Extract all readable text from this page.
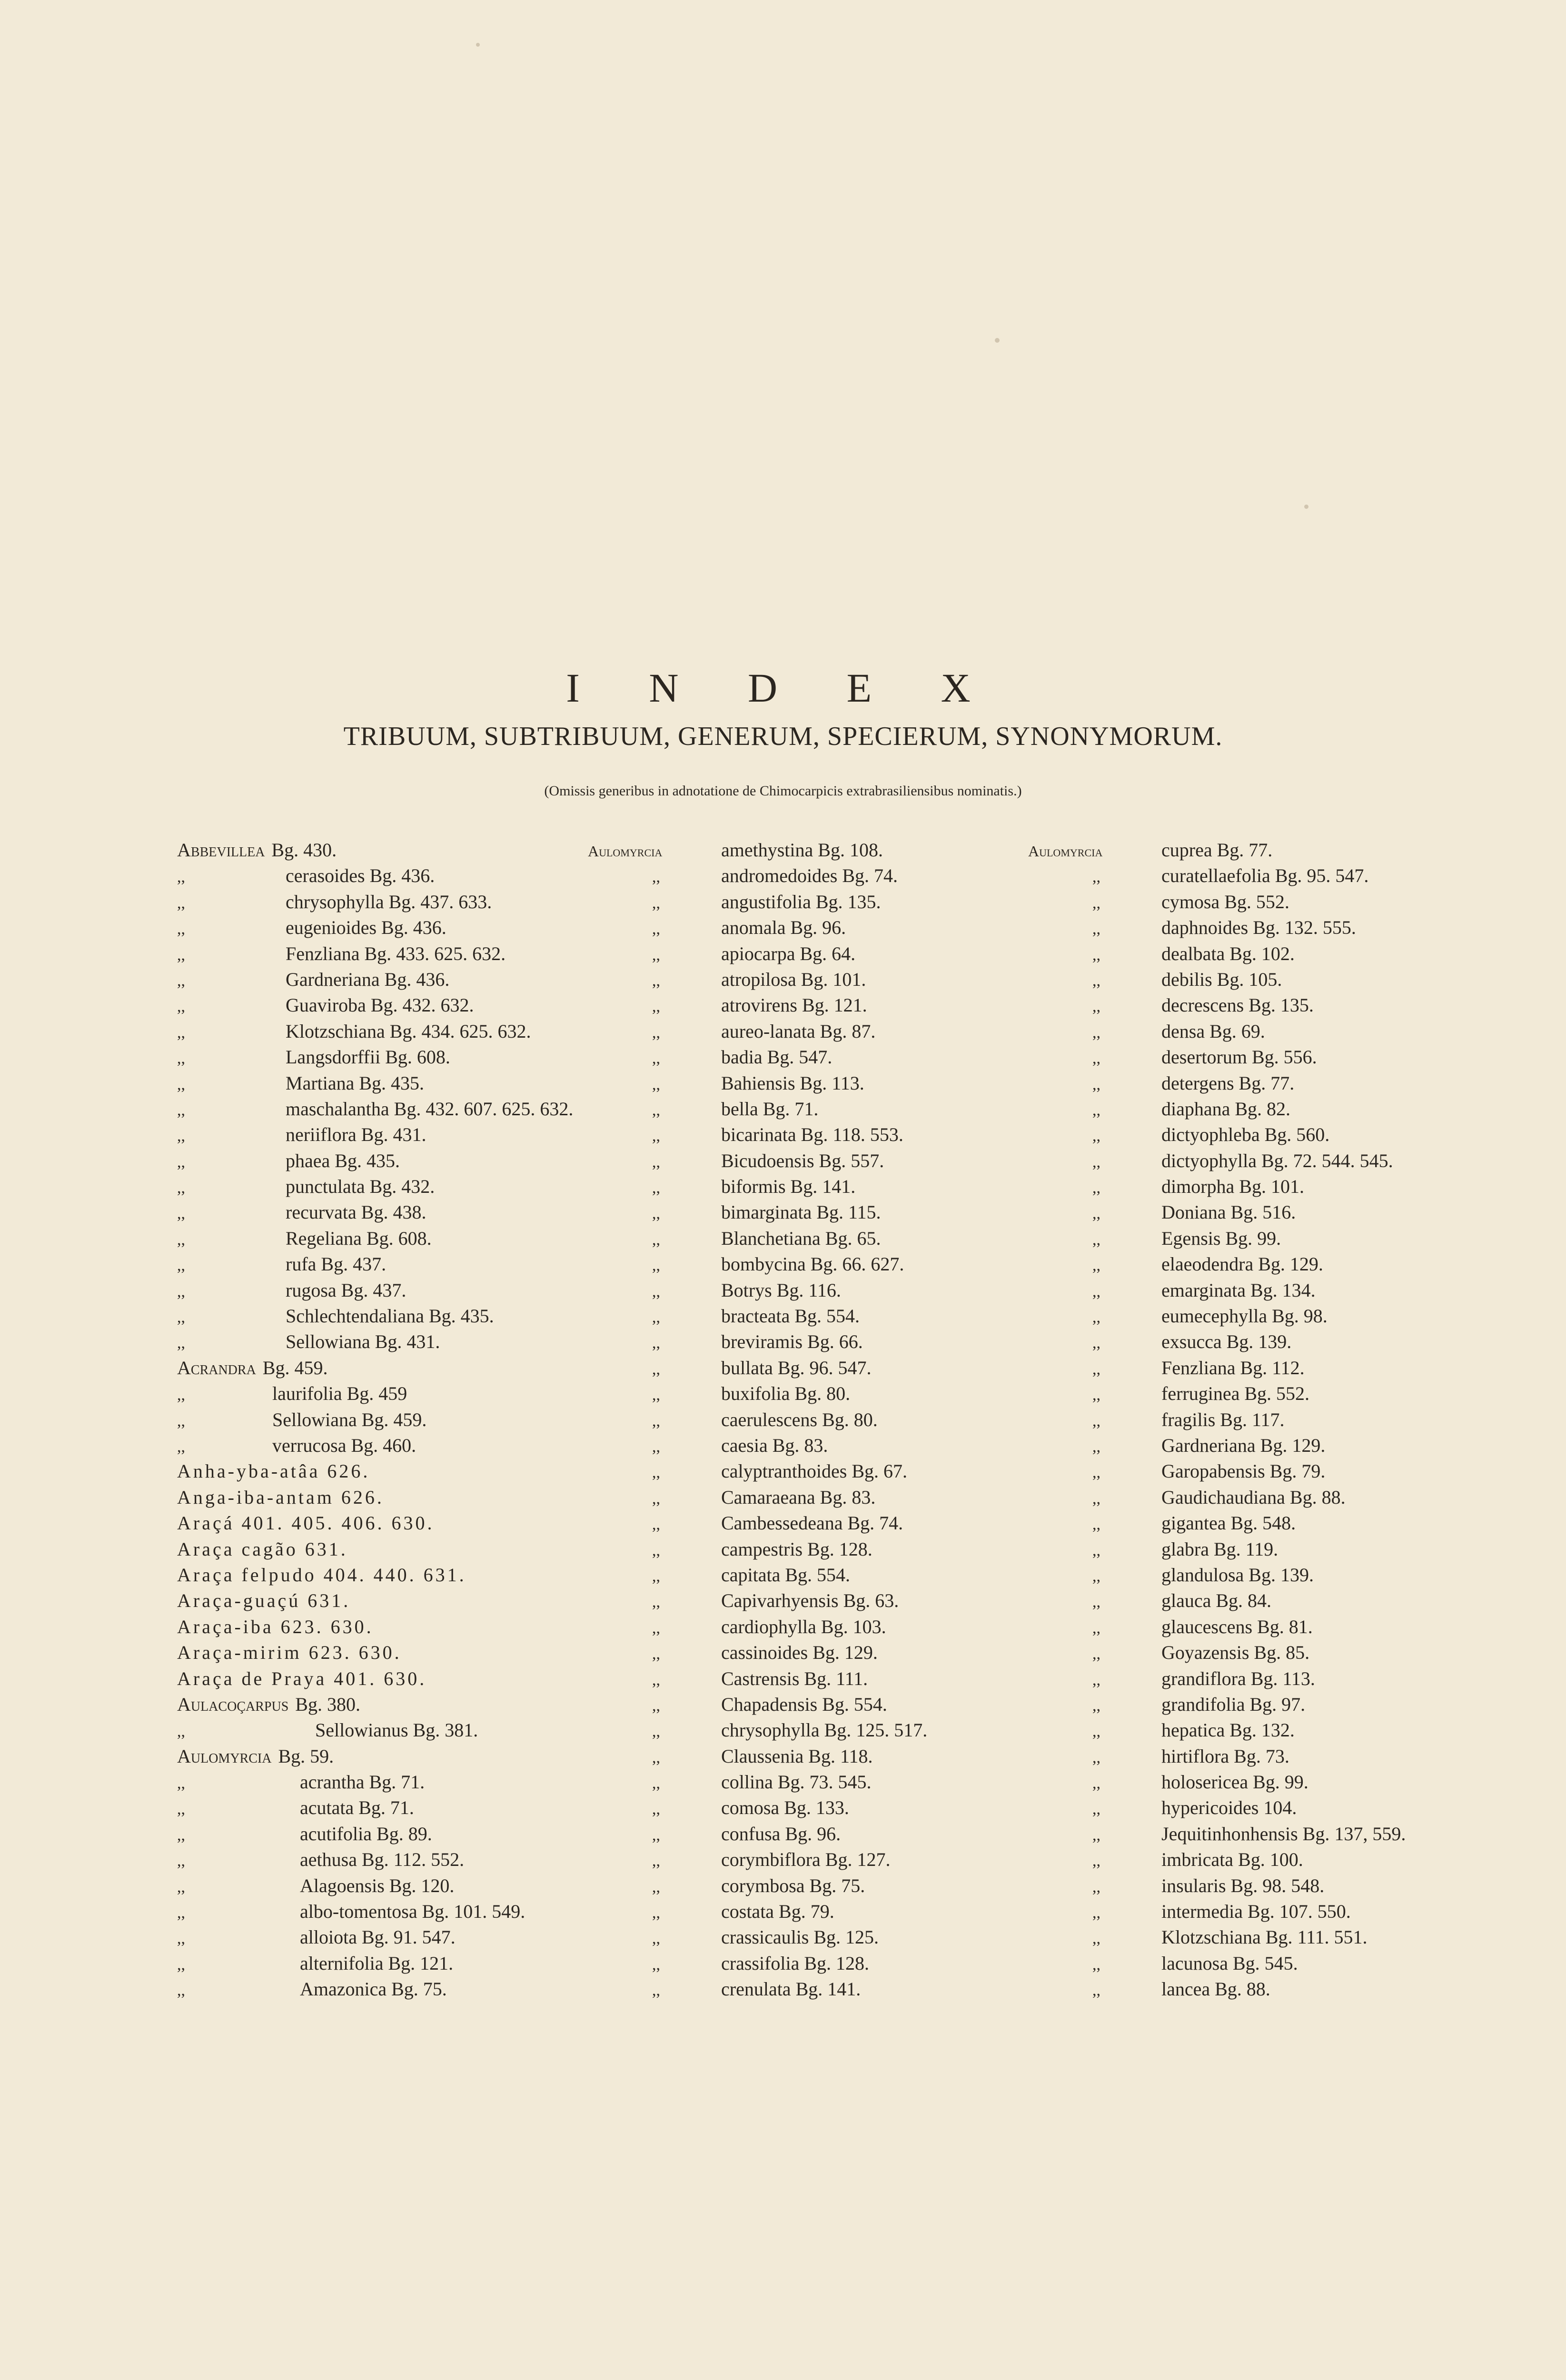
I N D E X
TRIBUUM, SUBTRIBUUM, GENERUM, SPECIERUM, SYNONYMORUM.
(Omissis generibus in adnotatione de Chimocarpicis extrabrasiliensibus nominatis.)
Abbevillea Bg. 430.
,,	cerasoides Bg. 436.
,,	chrysophylla Bg. 437. 633.
,,	eugenioides Bg. 436.
,,	Fenzliana Bg. 433. 625. 632.
,,	Gardneriana Bg. 436.
,,	Guaviroba Bg. 432. 632.
,,	Klotzschiana Bg. 434. 625. 632.
,,	Langsdorffii Bg. 608.
,,	Martiana Bg. 435.
,,	maschalantha Bg. 432. 607. 625. 632.
,,	neriiflora Bg. 431.
,,	phaea Bg. 435.
,,	punctulata Bg. 432.
,,	recurvata Bg. 438.
,,	Regeliana Bg. 608.
,,	rufa Bg. 437.
,,	rugosa Bg. 437.
,,	Schlechtendaliana Bg. 435.
,,	Sellowiana Bg. 431.
Acrandra Bg. 459.
,,	laurifolia Bg. 459
,,	Sellowiana Bg. 459.
,,	verrucosa Bg. 460.
Anha-yba-atâa 626.
Anga-iba-antam 626.
Araçá 401. 405. 406. 630.
Araça cagão 631.
Araça felpudo 404. 440. 631.
Araça-guaçú 631.
Araça-iba 623. 630.
Araça-mirim 623. 630.
Araça de Praya 401. 630.
Aulacoçarpus Bg. 380.
,,	Sellowianus Bg. 381.
Aulomyrcia Bg. 59.
,,	acrantha Bg. 71.
,,	acutata Bg. 71.
,,	acutifolia Bg. 89.
,,	aethusa Bg. 112. 552.
,,	Alagoensis Bg. 120.
,,	albo-tomentosa Bg. 101. 549.
,,	alloiota Bg. 91. 547.
,,	alternifolia Bg. 121.
,,	Amazonica Bg. 75.
Aulomyrcia	amethystina Bg. 108.
,,	andromedoides Bg. 74.
,,	angustifolia Bg. 135.
,,	anomala Bg. 96.
,,	apiocarpa Bg. 64.
,,	atropilosa Bg. 101.
,,	atrovirens Bg. 121.
,,	aureo-lanata Bg. 87.
,,	badia Bg. 547.
,,	Bahiensis Bg. 113.
,,	bella Bg. 71.
,,	bicarinata Bg. 118. 553.
,,	Bicudoensis Bg. 557.
,,	biformis Bg. 141.
,,	bimarginata Bg. 115.
,,	Blanchetiana Bg. 65.
,,	bombycina Bg. 66. 627.
,,	Botrys Bg. 116.
,,	bracteata Bg. 554.
,,	breviramis Bg. 66.
,,	bullata Bg. 96. 547.
,,	buxifolia Bg. 80.
,,	caerulescens Bg. 80.
,,	caesia Bg. 83.
,,	calyptranthoides Bg. 67.
,,	Camaraeana Bg. 83.
,,	Cambessedeana Bg. 74.
,,	campestris Bg. 128.
,,	capitata Bg. 554.
,,	Capivarhyensis Bg. 63.
,,	cardiophylla Bg. 103.
,,	cassinoides Bg. 129.
,,	Castrensis Bg. 111.
,,	Chapadensis Bg. 554.
,,	chrysophylla Bg. 125. 517.
,,	Claussenia Bg. 118.
,,	collina Bg. 73. 545.
,,	comosa Bg. 133.
,,	confusa Bg. 96.
,,	corymbiflora Bg. 127.
,,	corymbosa Bg. 75.
,,	costata Bg. 79.
,,	crassicaulis Bg. 125.
,,	crassifolia Bg. 128.
,,	crenulata Bg. 141.
Aulomyrcia	cuprea Bg. 77.
,,	curatellaefolia Bg. 95. 547.
,,	cymosa Bg. 552.
,,	daphnoides Bg. 132. 555.
,,	dealbata Bg. 102.
,,	debilis Bg. 105.
,,	decrescens Bg. 135.
,,	densa Bg. 69.
,,	desertorum Bg. 556.
,,	detergens Bg. 77.
,,	diaphana Bg. 82.
,,	dictyophleba Bg. 560.
,,	dictyophylla Bg. 72. 544. 545.
,,	dimorpha Bg. 101.
,,	Doniana Bg. 516.
,,	Egensis Bg. 99.
,,	elaeodendra Bg. 129.
,,	emarginata Bg. 134.
,,	eumecephylla Bg. 98.
,,	exsucca Bg. 139.
,,	Fenzliana Bg. 112.
,,	ferruginea Bg. 552.
,,	fragilis Bg. 117.
,,	Gardneriana Bg. 129.
,,	Garopabensis Bg. 79.
,,	Gaudichaudiana Bg. 88.
,,	gigantea Bg. 548.
,,	glabra Bg. 119.
,,	glandulosa Bg. 139.
,,	glauca Bg. 84.
,,	glaucescens Bg. 81.
,,	Goyazensis Bg. 85.
,,	grandiflora Bg. 113.
,,	grandifolia Bg. 97.
,,	hepatica Bg. 132.
,,	hirtiflora Bg. 73.
,,	holosericea Bg. 99.
,,	hypericoides 104.
,,	Jequitinhonhensis Bg. 137, 559.
,,	imbricata Bg. 100.
,,	insularis Bg. 98. 548.
,,	intermedia Bg. 107. 550.
,,	Klotzschiana Bg. 111. 551.
,,	lacunosa Bg. 545.
,,	lancea Bg. 88.
